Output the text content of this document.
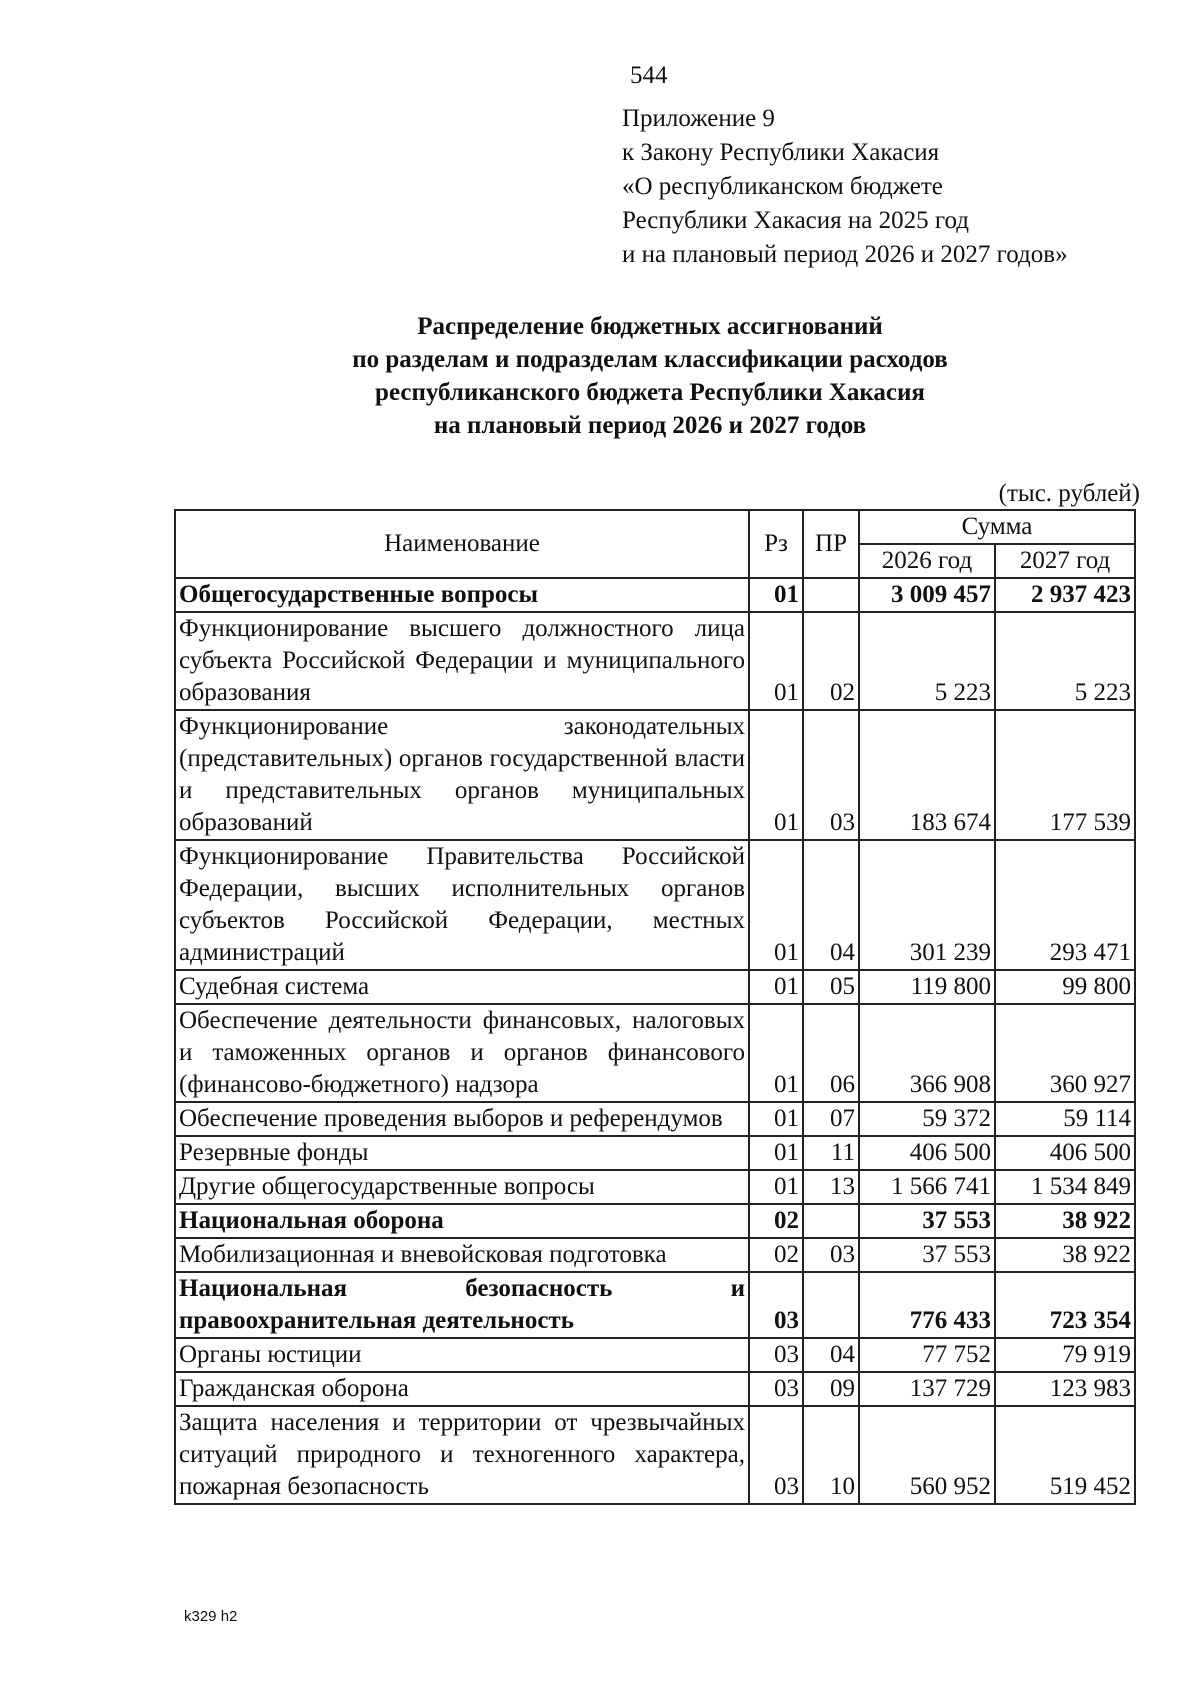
544
Приложение 9
к Закону Республики Хакасия
«О республиканском бюджете
Республики Хакасия на 2025 год
и на плановый период 2026 и 2027 годов»
Распределение бюджетных ассигнований
по разделам и подразделам классификации расходов
республиканского бюджета Республики Хакасия
на плановый период 2026 и 2027 годов
(тыс. рублей)
Наименование	Рз	ПР	Сумма	
			2026 год	2027 год
Общегосударственные вопросы	01		3 009 457	2 937 423
Функционирование высшего должностного лица субъекта Российской Федерации и муниципального образования	01	02	5 223	5 223
Функционирование законодательных (представительных) органов государственной власти и представительных органов муниципальных образований	01	03	183 674	177 539
Функционирование Правительства Российской Федерации, высших исполнительных органов субъектов Российской Федерации, местных администраций	01	04	301 239	293 471
Судебная система	01	05	119 800	99 800
Обеспечение деятельности финансовых, налоговых и таможенных органов и органов финансового (финансово-бюджетного) надзора	01	06	366 908	360 927
Обеспечение проведения выборов и референдумов	01	07	59 372	59 114
Резервные фонды	01	11	406 500	406 500
Другие общегосударственные вопросы	01	13	1 566 741	1 534 849
Национальная оборона	02		37 553	38 922
Мобилизационная и вневойсковая подготовка	02	03	37 553	38 922
Национальная безопасность и правоохранительная деятельность	03		776 433	723 354
Органы юстиции	03	04	77 752	79 919
Гражданская оборона	03	09	137 729	123 983
Защита населения и территории от чрезвычайных ситуаций природного и техногенного характера, пожарная безопасность	03	10	560 952	519 452
k329 h2
